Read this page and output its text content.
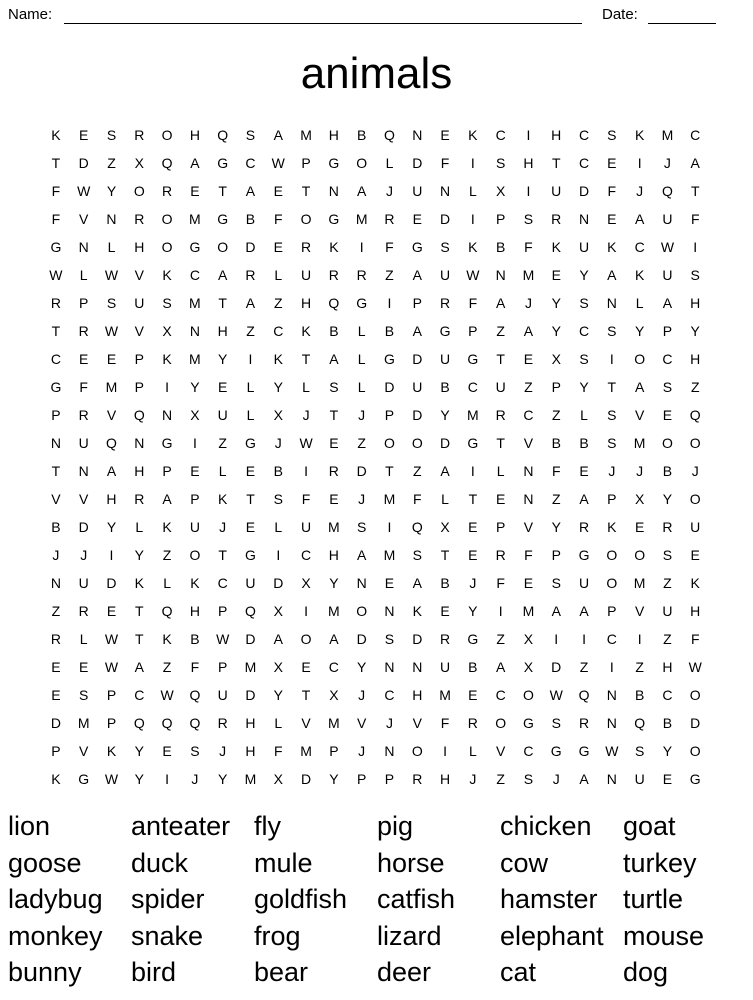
Name:	Date:
animals
K	E	S	R	O	H	Q	S	A	M	H	B	Q	N	E	K	C	I	H	C	S	K	M	C
T	D	Z	X	Q	A	G	C	W	P	G	O	L	D	F	I	S	H	T	C	E	I	J	A
F	W	Y	O	R	E	T	A	E	T	N	A	J	U	N	L	X	I	U	D	F	J	Q	T
F	V	N	R	O	M	G	B	F	O	G	M	R	E	D	I	P	S	R	N	E	A	U	F
G	N	L	H	O	G	O	D	E	R	K	I	F	G	S	K	B	F	K	U	K	C	W	I
W	L	W	V	K	C	A	R	L	U	R	R	Z	A	U	W	N	M	E	Y	A	K	U	S
R	P	S	U	S	M	T	A	Z	H	Q	G	I	P	R	F	A	J	Y	S	N	L	A	H
T	R	W	V	X	N	H	Z	C	K	B	L	B	A	G	P	Z	A	Y	C	S	Y	P	Y
C	E	E	P	K	M	Y	I	K	T	A	L	G	D	U	G	T	E	X	S	I	O	C	H
G	F	M	P	I	Y	E	L	Y	L	S	L	D	U	B	C	U	Z	P	Y	T	A	S	Z
P	R	V	Q	N	X	U	L	X	J	T	J	P	D	Y	M	R	C	Z	L	S	V	E	Q
N	U	Q	N	G	I	Z	G	J	W	E	Z	O	O	D	G	T	V	B	B	S	M	O	O
T	N	A	H	P	E	L	E	B	I	R	D	T	Z	A	I	L	N	F	E	J	J	B	J
V	V	H	R	A	P	K	T	S	F	E	J	M	F	L	T	E	N	Z	A	P	X	Y	O
B	D	Y	L	K	U	J	E	L	U	M	S	I	Q	X	E	P	V	Y	R	K	E	R	U
J	J	I	Y	Z	O	T	G	I	C	H	A	M	S	T	E	R	F	P	G	O	O	S	E
N	U	D	K	L	K	C	U	D	X	Y	N	E	A	B	J	F	E	S	U	O	M	Z	K
Z	R	E	T	Q	H	P	Q	X	I	M	O	N	K	E	Y	I	M	A	A	P	V	U	H
R	L	W	T	K	B	W	D	A	O	A	D	S	D	R	G	Z	X	I	I	C	I	Z	F
E	E	W	A	Z	F	P	M	X	E	C	Y	N	N	U	B	A	X	D	Z	I	Z	H	W
E	S	P	C	W	Q	U	D	Y	T	X	J	C	H	M	E	C	O	W	Q	N	B	C	O
D	M	P	Q	Q	Q	R	H	L	V	M	V	J	V	F	R	O	G	S	R	N	Q	B	D
P	V	K	Y	E	S	J	H	F	M	P	J	N	O	I	L	V	C	G	G	W	S	Y	O
K	G	W	Y	I	J	Y	M	X	D	Y	P	P	R	H	J	Z	S	J	A	N	U	E	G
lion	anteater fly	pig	chicken	goat
goose	duck	mule	horse	cow	turkey
ladybug	spider	goldfish	catfish	hamster turtle
monkey	snake	frog	lizard	elephant mouse
bunny	bird	bear	deer	cat	dog
